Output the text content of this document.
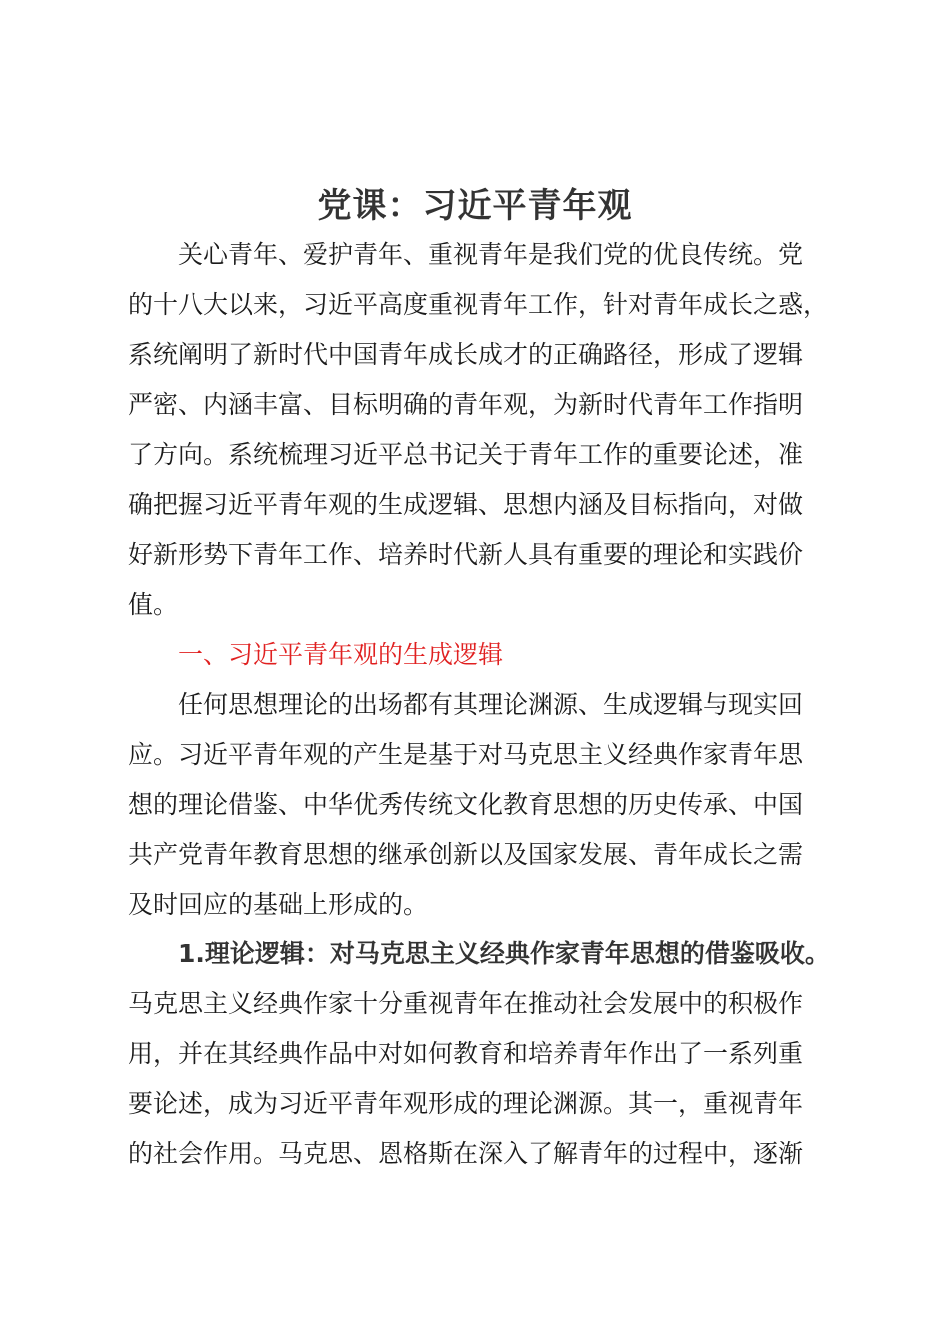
党课：习近平青年观

关心青年、爱护青年、重视青年是我们党的优良传统。党

的十八大以来，习近平高度重视青年工作，针对青年成长之惑，

系统阐明了新时代中国青年成长成才的正确路径，形成了逻辑

严密、内涵丰富、目标明确的青年观，为新时代青年工作指明

了方向。系统梳理习近平总书记关于青年工作的重要论述，准

确把握习近平青年观的生成逻辑、思想内涵及目标指向，对做

好新形势下青年工作、培养时代新人具有重要的理论和实践价

值。

一、习近平青年观的生成逻辑

任何思想理论的出场都有其理论渊源、生成逻辑与现实回

应。习近平青年观的产生是基于对马克思主义经典作家青年思

想的理论借鉴、中华优秀传统文化教育思想的历史传承、中国

共产党青年教育思想的继承创新以及国家发展、青年成长之需

及时回应的基础上形成的。

1.理论逻辑：对马克思主义经典作家青年思想的借鉴吸收。

马克思主义经典作家十分重视青年在推动社会发展中的积极作

用，并在其经典作品中对如何教育和培养青年作出了一系列重

要论述，成为习近平青年观形成的理论渊源。其一，重视青年

的社会作用。马克思、恩格斯在深入了解青年的过程中，逐渐
